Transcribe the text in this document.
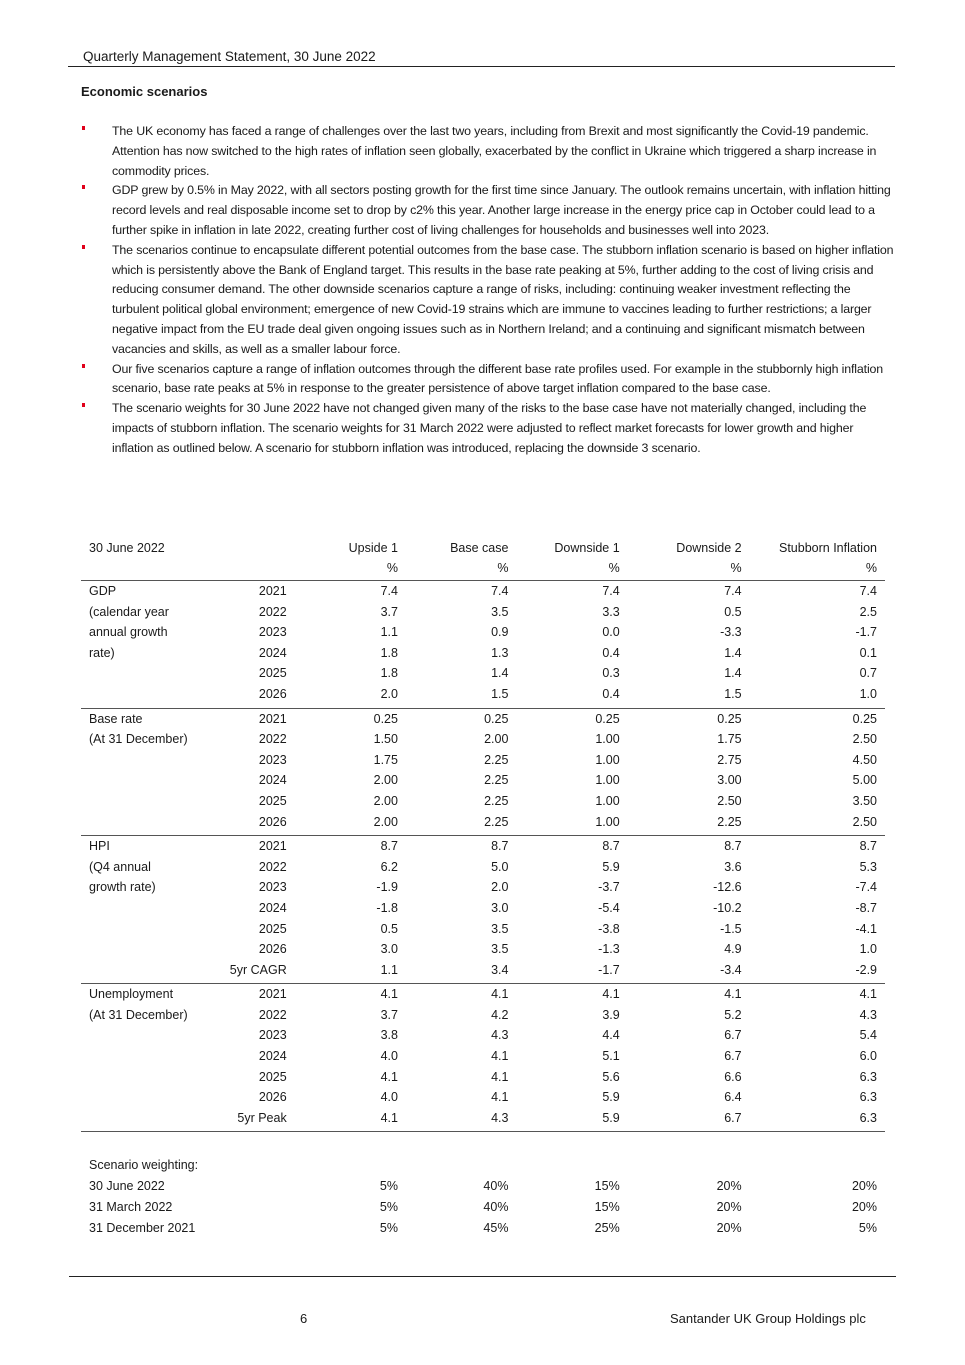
Quarterly Management Statement, 30 June 2022
Economic scenarios
The UK economy has faced a range of challenges over the last two years, including from Brexit and most significantly the Covid-19 pandemic. Attention has now switched to the high rates of inflation seen globally, exacerbated by the conflict in Ukraine which triggered a sharp increase in commodity prices.
GDP grew by 0.5% in May 2022, with all sectors posting growth for the first time since January. The outlook remains uncertain, with inflation hitting record levels and real disposable income set to drop by c2% this year. Another large increase in the energy price cap in October could lead to a further spike in inflation in late 2022, creating further cost of living challenges for households and businesses well into 2023.
The scenarios continue to encapsulate different potential outcomes from the base case. The stubborn inflation scenario is based on higher inflation which is persistently above the Bank of England target. This results in the base rate peaking at 5%, further adding to the cost of living crisis and reducing consumer demand. The other downside scenarios capture a range of risks, including: continuing weaker investment reflecting the turbulent political global environment; emergence of new Covid-19 strains which are immune to vaccines leading to further restrictions; a larger negative impact from the EU trade deal given ongoing issues such as in Northern Ireland; and a continuing and significant mismatch between vacancies and skills, as well as a smaller labour force.
Our five scenarios capture a range of inflation outcomes through the different base rate profiles used. For example in the stubbornly high inflation scenario, base rate peaks at 5% in response to the greater persistence of above target inflation compared to the base case.
The scenario weights for 30 June 2022 have not changed given many of the risks to the base case have not materially changed, including the impacts of stubborn inflation. The scenario weights for 31 March 2022 were adjusted to reflect market forecasts for lower growth and higher inflation as outlined below. A scenario for stubborn inflation was introduced, replacing the downside 3 scenario.
30 June 2022		Upside 1	Base case	Downside 1	Downside 2	Stubborn Inflation
		%	%	%	%	%
GDP	2021	7.4	7.4	7.4	7.4	7.4
(calendar year	2022	3.7	3.5	3.3	0.5	2.5
annual growth	2023	1.1	0.9	0.0	-3.3	-1.7
rate)	2024	1.8	1.3	0.4	1.4	0.1
	2025	1.8	1.4	0.3	1.4	0.7
	2026	2.0	1.5	0.4	1.5	1.0
Base rate	2021	0.25	0.25	0.25	0.25	0.25
(At 31 December)	2022	1.50	2.00	1.00	1.75	2.50
	2023	1.75	2.25	1.00	2.75	4.50
	2024	2.00	2.25	1.00	3.00	5.00
	2025	2.00	2.25	1.00	2.50	3.50
	2026	2.00	2.25	1.00	2.25	2.50
HPI	2021	8.7	8.7	8.7	8.7	8.7
(Q4 annual	2022	6.2	5.0	5.9	3.6	5.3
growth rate)	2023	-1.9	2.0	-3.7	-12.6	-7.4
	2024	-1.8	3.0	-5.4	-10.2	-8.7
	2025	0.5	3.5	-3.8	-1.5	-4.1
	2026	3.0	3.5	-1.3	4.9	1.0
	5yr CAGR	1.1	3.4	-1.7	-3.4	-2.9
Unemployment	2021	4.1	4.1	4.1	4.1	4.1
(At 31 December)	2022	3.7	4.2	3.9	5.2	4.3
	2023	3.8	4.3	4.4	6.7	5.4
	2024	4.0	4.1	5.1	6.7	6.0
	2025	4.1	4.1	5.6	6.6	6.3
	2026	4.0	4.1	5.9	6.4	6.3
	5yr Peak	4.1	4.3	5.9	6.7	6.3

Scenario weighting:						
30 June 2022		5%	40%	15%	20%	20%
31 March 2022		5%	40%	15%	20%	20%
31 December 2021		5%	45%	25%	20%	5%
6	Santander UK Group Holdings plc
